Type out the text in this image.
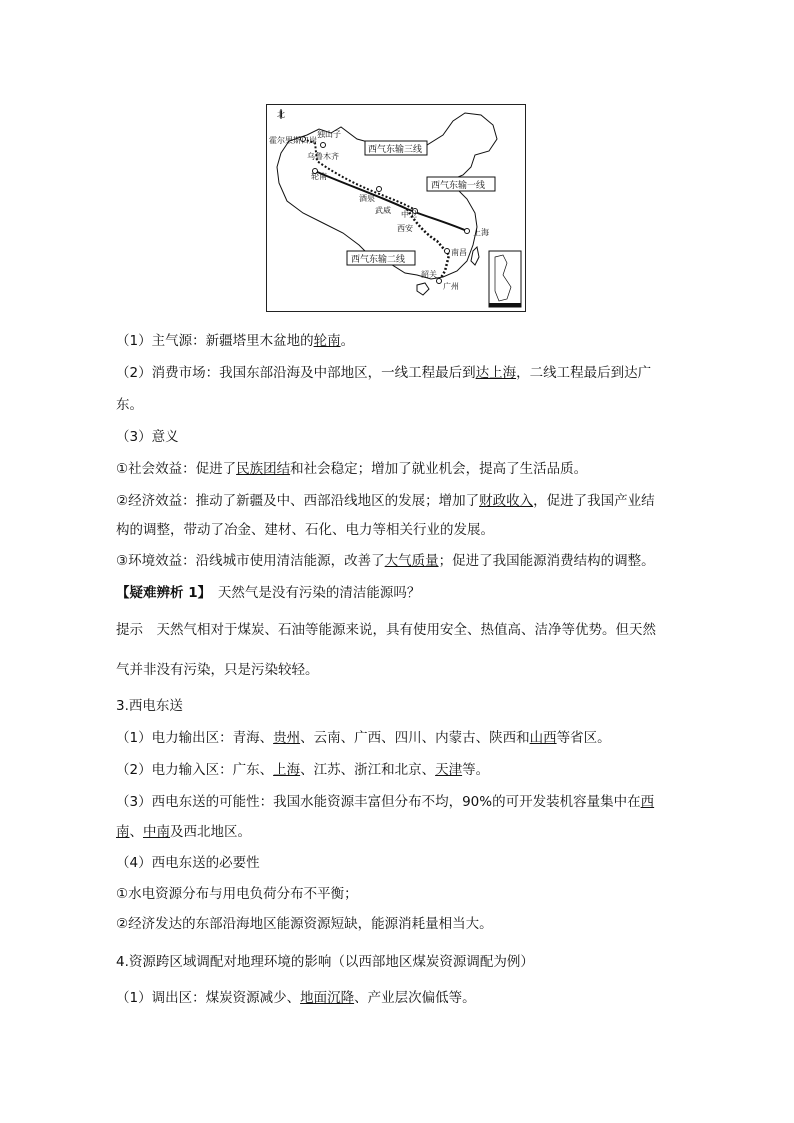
北
霍尔果斯口岸
独山子
乌鲁木齐
轮南
酒泉
武威 中卫
西安	上海
南昌
韶关
广州
西气东输三线
西气东输一线
西气东输二线
（1）主气源：新疆塔里木盆地的轮南。
（2）消费市场：我国东部沿海及中部地区，一线工程最后到达上海，二线工程最后到达广
东。
（3）意义
①社会效益：促进了民族团结和社会稳定；增加了就业机会，提高了生活品质。
②经济效益：推动了新疆及中、西部沿线地区的发展；增加了财政收入，促进了我国产业结
构的调整，带动了冶金、建材、石化、电力等相关行业的发展。
③环境效益：沿线城市使用清洁能源，改善了大气质量；促进了我国能源消费结构的调整。
【疑难辨析 1】　 天然气是没有污染的清洁能源吗？
提示　天然气相对于煤炭、石油等能源来说，具有使用安全、热值高、洁净等优势。但天然
气并非没有污染，只是污染较轻。
3.西电东送
（1）电力输出区：青海、贵州、云南、广西、四川、内蒙古、陕西和山西等省区。
（2）电力输入区：广东、上海、江苏、浙江和北京、天津等。
（3）西电东送的可能性：我国水能资源丰富但分布不均，90%的可开发装机容量集中在西
南、中南及西北地区。
（4）西电东送的必要性
①水电资源分布与用电负荷分布不平衡；
②经济发达的东部沿海地区能源资源短缺，能源消耗量相当大。
4.资源跨区域调配对地理环境的影响（以西部地区煤炭资源调配为例）
（1）调出区：煤炭资源减少、地面沉降、产业层次偏低等。
